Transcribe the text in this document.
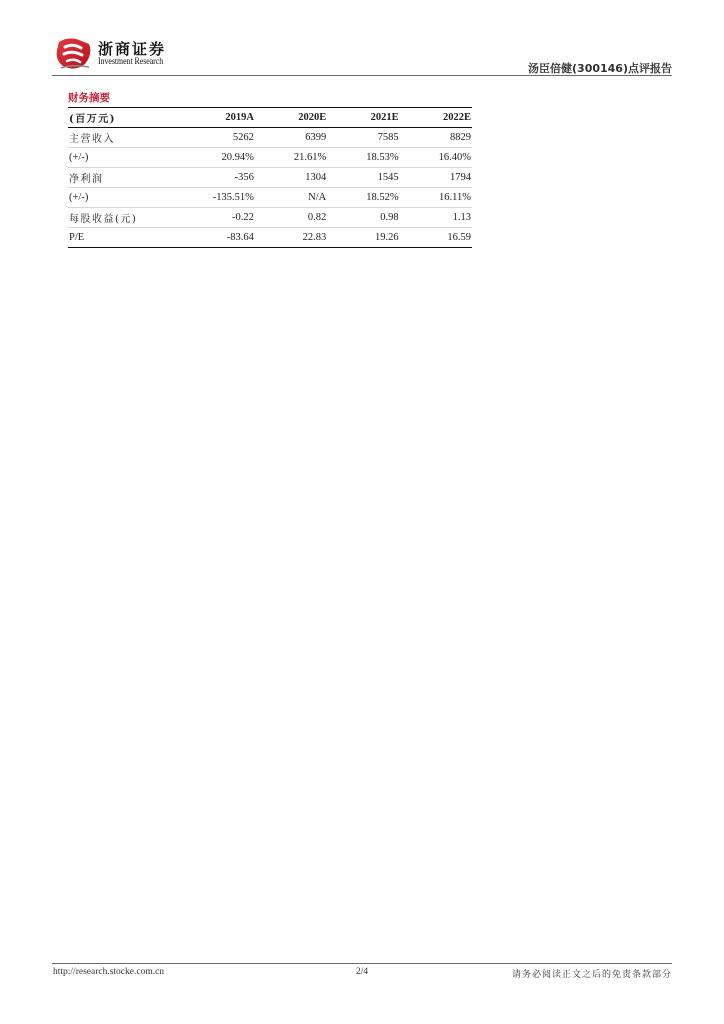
浙商证券
Investment Research	汤臣倍健(300146)点评报告
财务摘要
(百万元)	2019A	2020E	2021E	2022E
主营收入	5262	6399	7585	8829
(+/-)	20.94%	21.61%	18.53%	16.40%
净利润	-356	1304	1545	1794
(+/-)	-135.51%	N/A	18.52%	16.11%
每股收益(元)	-0.22	0.82	0.98	1.13
P/E	-83.64	22.83	19.26	16.59
http://research.stocke.com.cn	2/4	请务必阅读正文之后的免责条款部分
